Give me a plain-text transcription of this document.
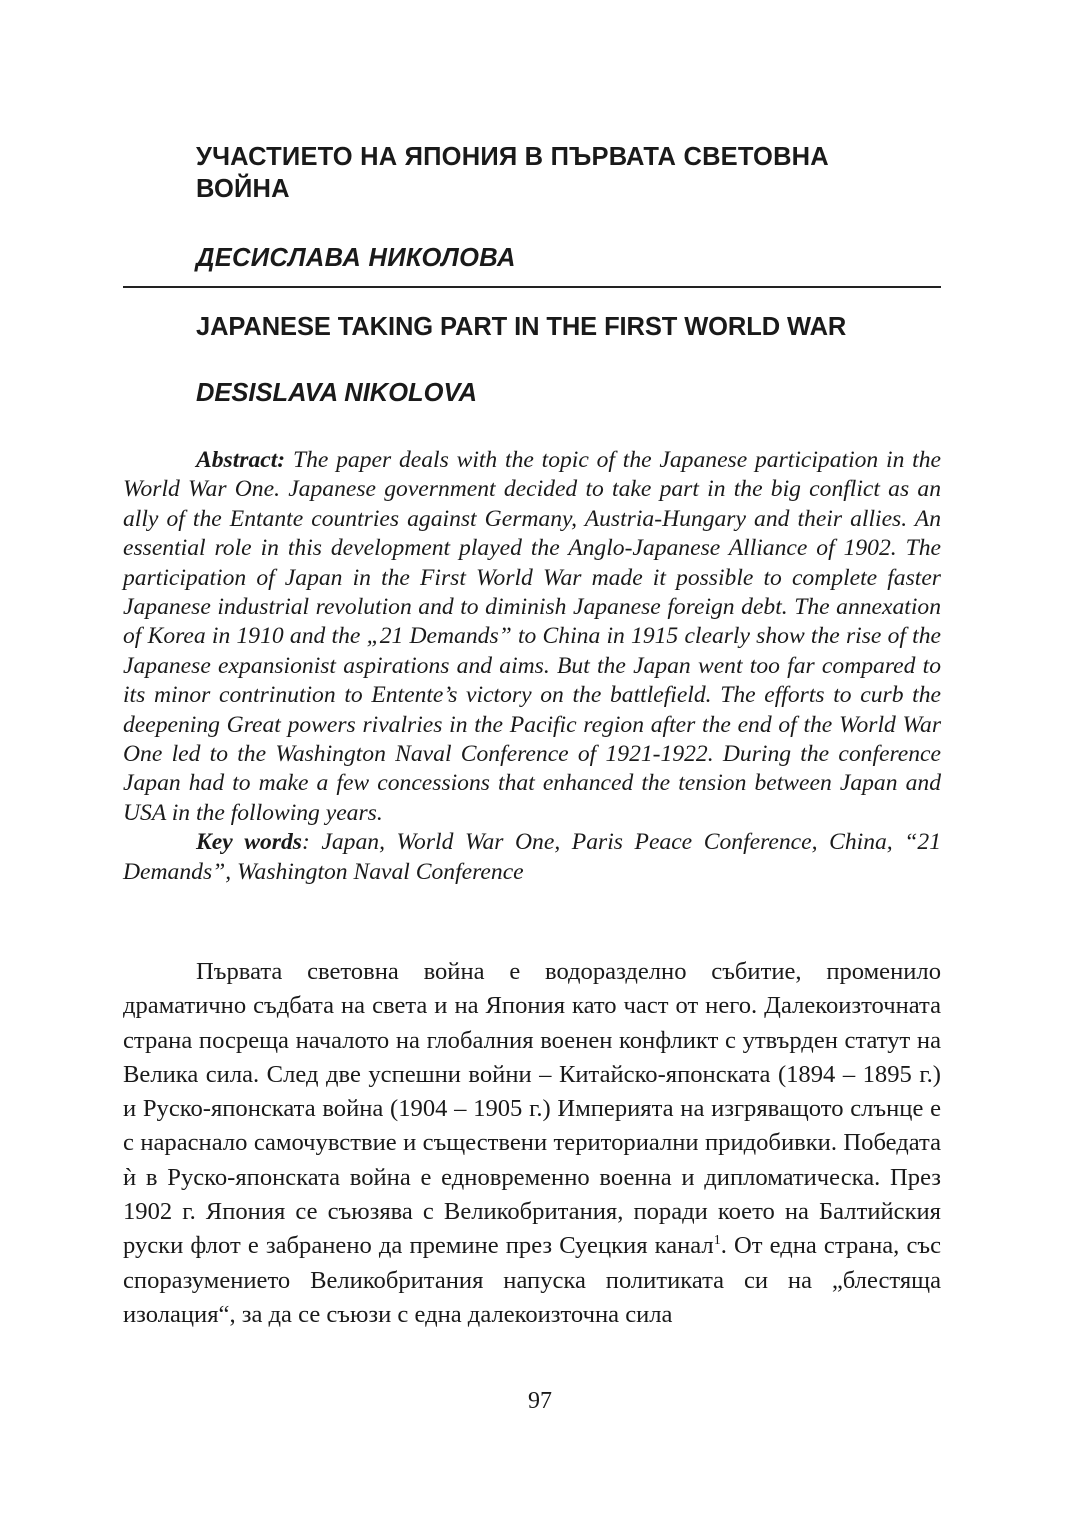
УЧАСТИЕТО НА ЯПОНИЯ В ПЪРВАТА СВЕТОВНА ВОЙНА
ДЕСИСЛАВА НИКОЛОВА
JAPANESE TAKING PART IN THE FIRST WORLD WAR
DESISLAVA NIKOLOVA

Abstract: The paper deals with the topic of the Japanese participation in the World War One. Japanese government decided to take part in the big conflict as an ally of the Entante countries against Germany, Austria-Hungary and their allies. An essential role in this development played the Anglo-Japanese Alliance of 1902. The participation of Japan in the First World War made it possible to complete faster Japanese industrial revolution and to diminish Japanese foreign debt. The annexation of Korea in 1910 and the „21 Demands” to China in 1915 clearly show the rise of the Japanese expansionist aspirations and aims. But the Japan went too far compared to its minor contrinution to Entente’s victory on the battlefield. The efforts to curb the deepening Great powers rivalries in the Pacific region after the end of the World War One led to the Washington Naval Conference of 1921-1922. During the conference Japan had to make a few concessions that enhanced the tension between Japan and USA in the following years.

Key words: Japan, World War One, Paris Peace Conference, China, “21 Demands”, Washington Naval Conference

Първата световна война е водоразделно събитие, променило драматично съдбата на света и на Япония като част от него. Далекоизточната страна посреща началото на глобалния военен конфликт с утвърден статут на Велика сила. След две успешни войни – Китайско-японската (1894 – 1895 г.) и Руско-японската война (1904 – 1905 г.) Империята на изгряващото слънце е с нараснало самочувствие и съществени териториални придобивки. Победата ѝ в Руско-японската война е едновременно военна и дипломатическа. През 1902 г. Япония се съюзява с Великобритания, поради което на Балтийския руски флот е забранено да премине през Суецкия канал$^1$. От една страна, със споразумението Великобритания напуска политиката си на „блестяща изолация“, за да се съюзи с една далекоизточна сила

97
